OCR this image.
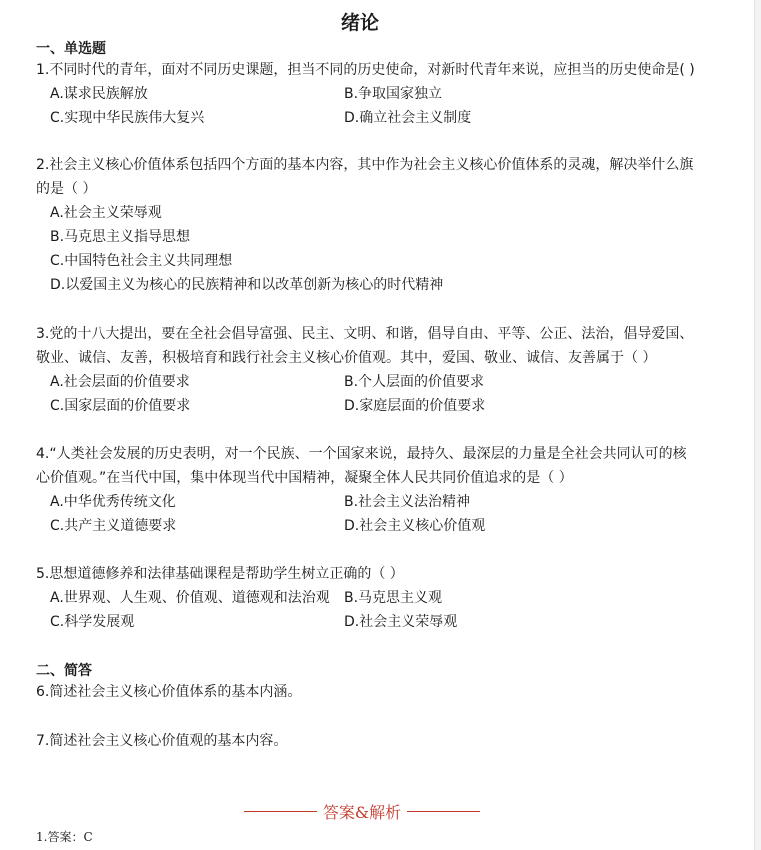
绪论
一、单选题
1.不同时代的青年，面对不同历史课题，担当不同的历史使命，对新时代青年来说，应担当的历史使命是( )
A.谋求民族解放	B.争取国家独立
C.实现中华民族伟大复兴	D.确立社会主义制度
2.社会主义核心价值体系包括四个方面的基本内容，其中作为社会主义核心价值体系的灵魂，解决举什么旗的是（ ）
A.社会主义荣辱观
B.马克思主义指导思想
C.中国特色社会主义共同理想
D.以爱国主义为核心的民族精神和以改革创新为核心的时代精神
3.党的十八大提出，要在全社会倡导富强、民主、文明、和谐，倡导自由、平等、公正、法治，倡导爱国、敬业、诚信、友善，积极培育和践行社会主义核心价值观。其中，爱国、敬业、诚信、友善属于（ ）
A.社会层面的价值要求	B.个人层面的价值要求
C.国家层面的价值要求	D.家庭层面的价值要求
4.“人类社会发展的历史表明，对一个民族、一个国家来说，最持久、最深层的力量是全社会共同认可的核心价值观。”在当代中国，集中体现当代中国精神，凝聚全体人民共同价值追求的是（ ）
A.中华优秀传统文化	B.社会主义法治精神
C.共产主义道德要求	D.社会主义核心价值观
5.思想道德修养和法律基础课程是帮助学生树立正确的（ ）
A.世界观、人生观、价值观、道德观和法治观 B.马克思主义观
C.科学发展观	D.社会主义荣辱观
二、简答
6.简述社会主义核心价值体系的基本内涵。
7.简述社会主义核心价值观的基本内容。
答案&解析
1.答案：C
